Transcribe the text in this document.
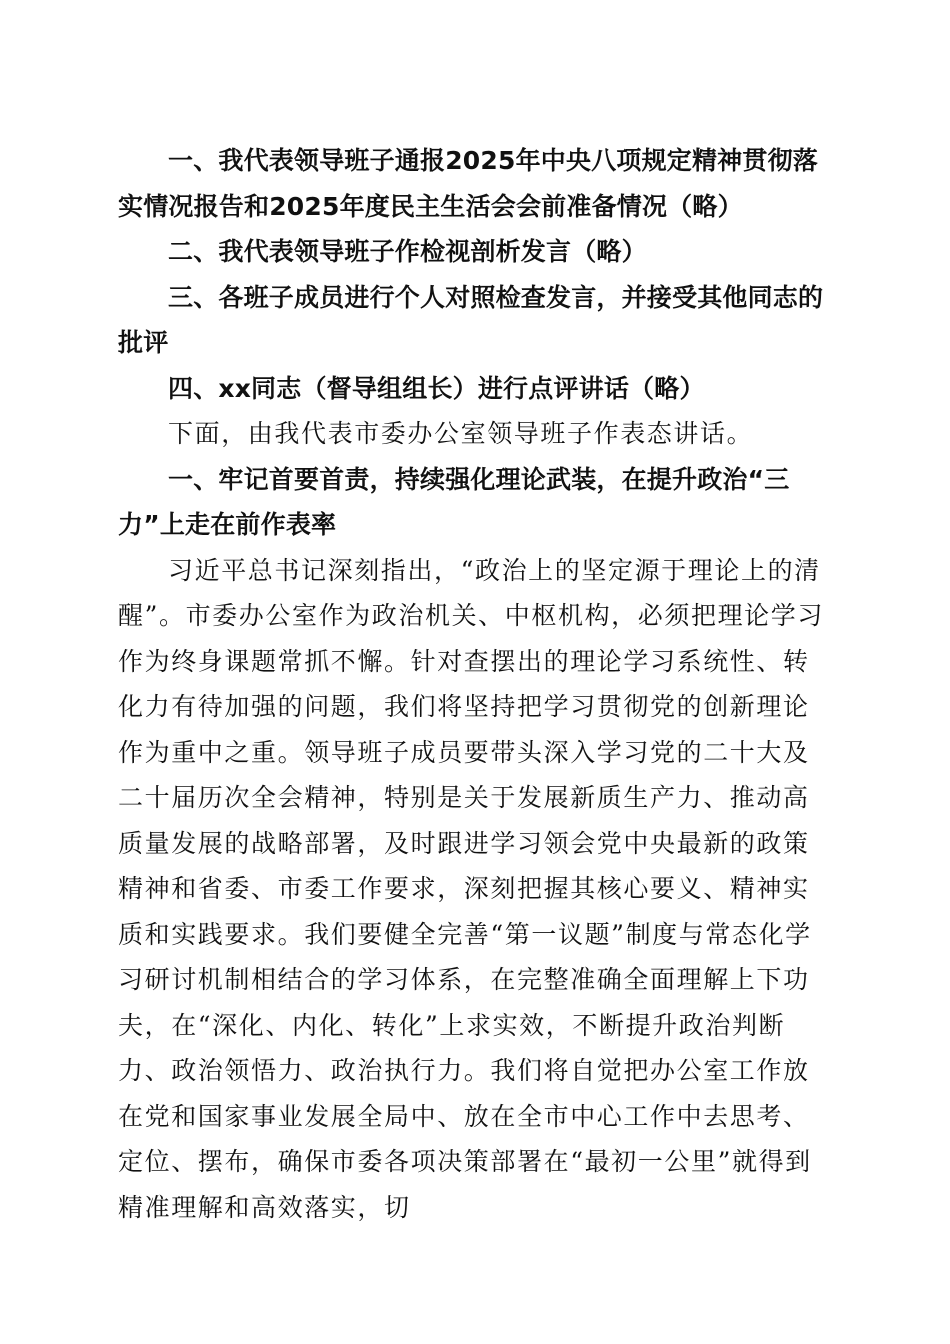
一、我代表领导班子通报2025年中央八项规定精神贯彻落实情况报告和2025年度民主生活会会前准备情况（略）

二、我代表领导班子作检视剖析发言（略）

三、各班子成员进行个人对照检查发言，并接受其他同志的批评

四、xx同志（督导组组长）进行点评讲话（略）

下面，由我代表市委办公室领导班子作表态讲话。

一、牢记首要首责，持续强化理论武装，在提升政治“三力”上走在前作表率

习近平总书记深刻指出，“政治上的坚定源于理论上的清醒”。市委办公室作为政治机关、中枢机构，必须把理论学习作为终身课题常抓不懈。针对查摆出的理论学习系统性、转化力有待加强的问题，我们将坚持把学习贯彻党的创新理论作为重中之重。领导班子成员要带头深入学习党的二十大及二十届历次全会精神，特别是关于发展新质生产力、推动高质量发展的战略部署，及时跟进学习领会党中央最新的政策精神和省委、市委工作要求，深刻把握其核心要义、精神实质和实践要求。我们要健全完善“第一议题”制度与常态化学习研讨机制相结合的学习体系，在完整准确全面理解上下功夫，在“深化、内化、转化”上求实效，不断提升政治判断力、政治领悟力、政治执行力。我们将自觉把办公室工作放在党和国家事业发展全局中、放在全市中心工作中去思考、定位、摆布，确保市委各项决策部署在“最初一公里”就得到精准理解和高效落实，切
